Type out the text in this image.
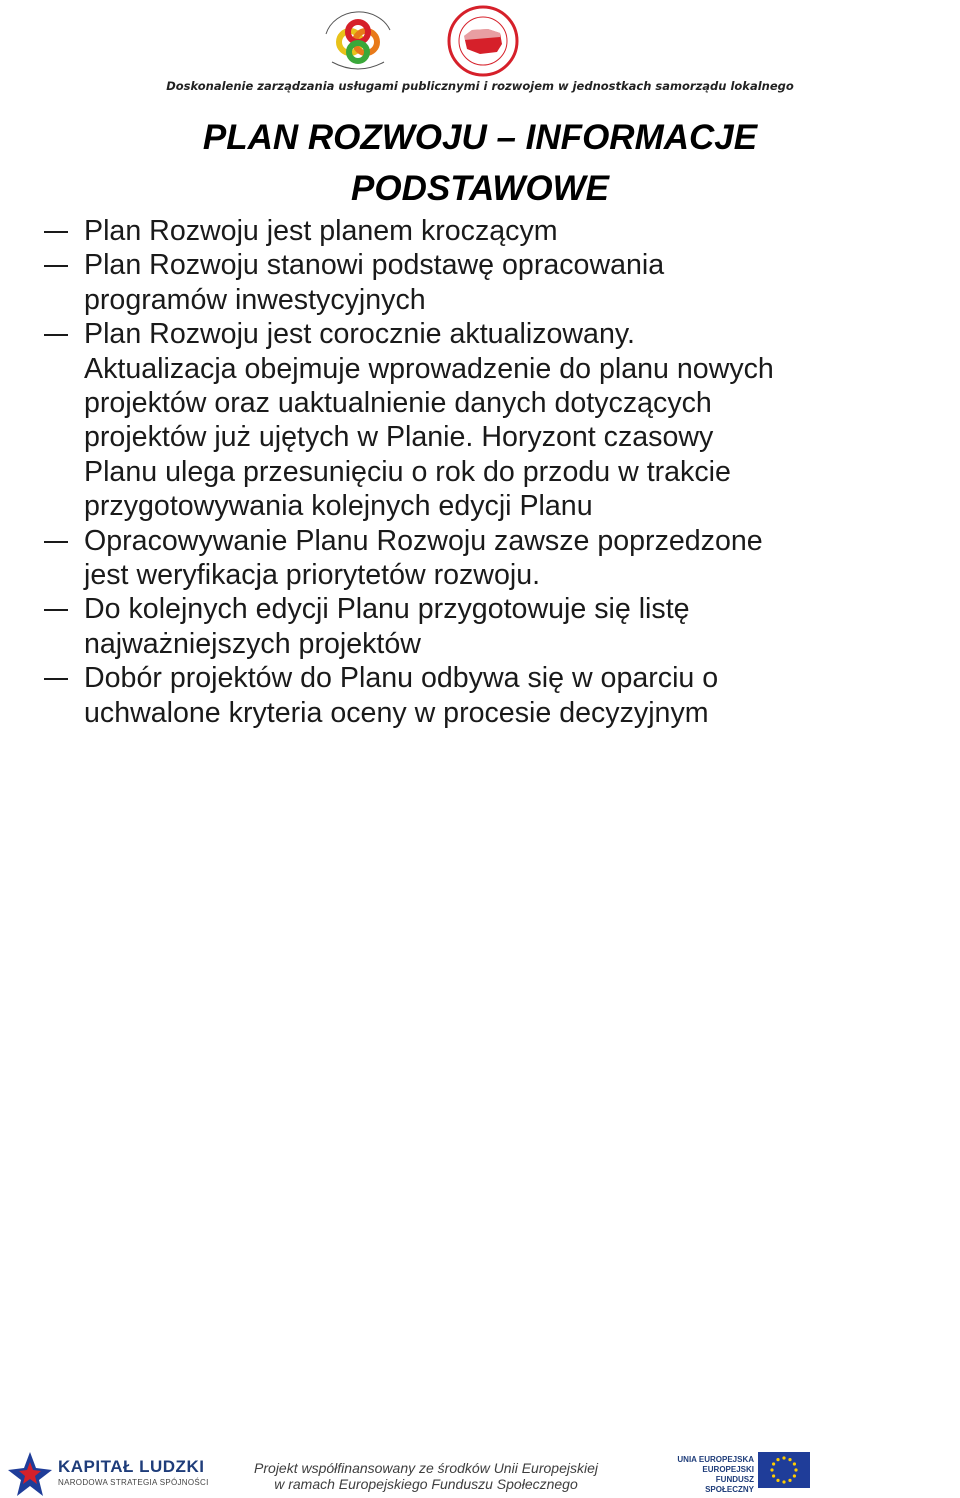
Doskonalenie zarządzania usługami publicznymi i rozwojem w jednostkach samorządu lokalnego
PLAN ROZWOJU – INFORMACJE PODSTAWOWE
Plan Rozwoju jest planem kroczącym
Plan Rozwoju stanowi podstawę opracowania
programów inwestycyjnych
Plan Rozwoju jest corocznie aktualizowany.
Aktualizacja obejmuje wprowadzenie do planu nowych
projektów oraz uaktualnienie danych dotyczących
projektów już ujętych w Planie. Horyzont czasowy
Planu ulega przesunięciu o rok do przodu w trakcie
przygotowywania kolejnych edycji Planu
Opracowywanie Planu Rozwoju zawsze poprzedzone
jest weryfikacja priorytetów rozwoju.
Do kolejnych edycji Planu przygotowuje się listę
najważniejszych projektów
Dobór projektów do Planu odbywa się w oparciu o
uchwalone kryteria oceny w procesie decyzyjnym
KAPITAŁ LUDZKI
NARODOWA STRATEGIA SPÓJNOŚCI
Projekt współfinansowany ze środków Unii Europejskiej
w ramach Europejskiego Funduszu Społecznego
UNIA EUROPEJSKA EUROPEJSKI FUNDUSZ SPOŁECZNY
